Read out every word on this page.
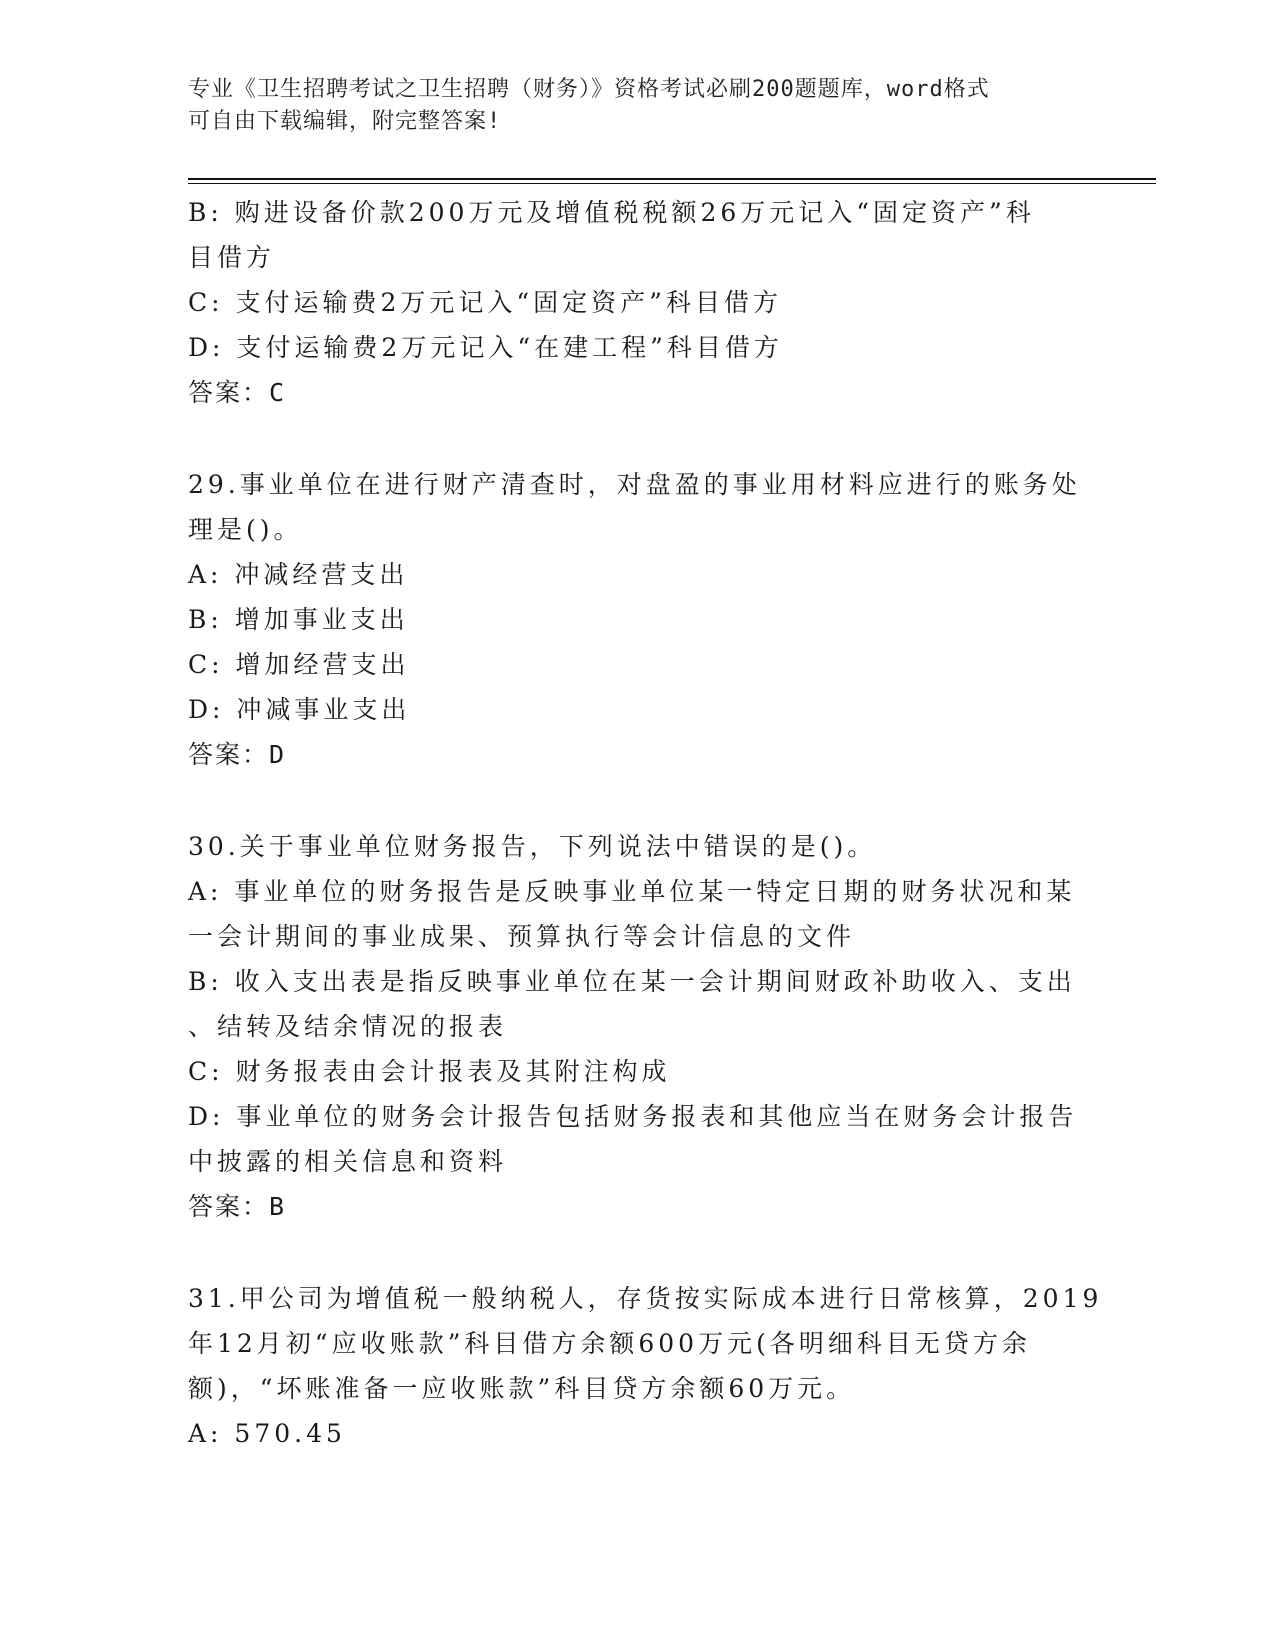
专业《卫生招聘考试之卫生招聘（财务）》资格考试必刷200题题库，word格式
可自由下载编辑，附完整答案!

B: 购进设备价款200万元及增值税税额26万元记入“固定资产”科

目借方

C: 支付运输费2万元记入“固定资产”科目借方

D: 支付运输费2万元记入“在建工程”科目借方

答案：C

29.事业单位在进行财产清查时，对盘盈的事业用材料应进行的账务处

理是()。

A: 冲减经营支出

B: 增加事业支出

C: 增加经营支出

D: 冲减事业支出

答案：D

30.关于事业单位财务报告，下列说法中错误的是()。

A: 事业单位的财务报告是反映事业单位某一特定日期的财务状况和某

一会计期间的事业成果、预算执行等会计信息的文件

B: 收入支出表是指反映事业单位在某一会计期间财政补助收入、支出

、结转及结余情况的报表

C: 财务报表由会计报表及其附注构成

D: 事业单位的财务会计报告包括财务报表和其他应当在财务会计报告

中披露的相关信息和资料

答案：B

31.甲公司为增值税一般纳税人，存货按实际成本进行日常核算，2019

年12月初“应收账款”科目借方余额600万元(各明细科目无贷方余

额)，“坏账准备一应收账款”科目贷方余额60万元。

A: 570.45
